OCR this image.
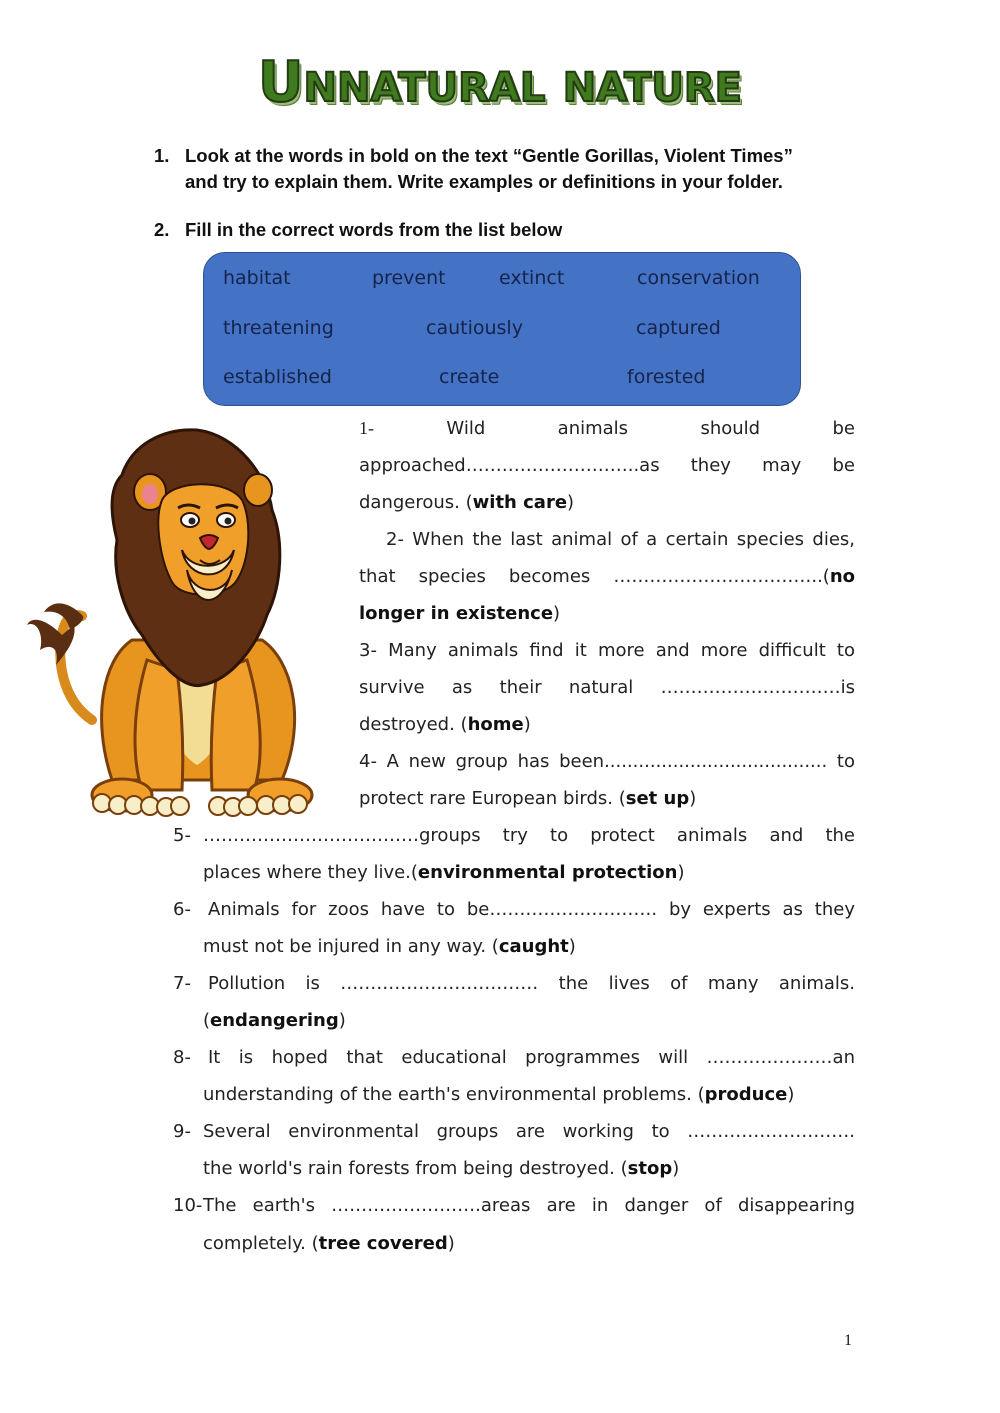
UNNATURAL NATURE
1. Look at the words in bold on the text “Gentle Gorillas, Violent Times”
and try to explain them. Write examples or definitions in your folder.
2. Fill in the correct words from the list below
habitat	prevent	extinct	conservation
threatening	cautiously	captured
established	create	forested
1-	Wild animals should be
approached………………………..as they may be
dangerous. (with care)
2- When the last animal of a certain species dies,
that species becomes ……………………………..(no
longer in existence)
3- Many animals find it more and more difficult to
survive as their natural …………………………is
destroyed. (home)
4- A new group has been....................................... to
protect rare European birds. (set up)
5- ………………………………groups try to protect animals and the
places where they live.(environmental protection)
6- Animals for zoos have to be………………………. by experts as they
must not be injured in any way. (caught)
7- Pollution is …………………………… the lives of many animals.
(endangering)
8- It is hoped that educational programmes will …………………an
understanding of the earth's environmental problems. (produce)
9- Several environmental groups are working to ……………………….
the world's rain forests from being destroyed. (stop)
10- The earth's …………………….areas are in danger of disappearing
completely. (tree covered)
1
